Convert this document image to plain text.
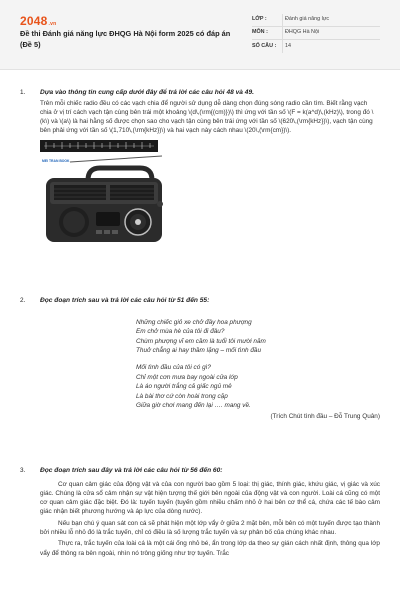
2048.vn
Đề thi Đánh giá năng lực ĐHQG Hà Nội form 2025 có đáp án (Đề 5)
LỚP :	Đánh giá năng lực
MÔN :	ĐHQG Hà Nội
SỐ CÂU :	14
1. Dựa vào thông tin cung cấp dưới đây để trả lời các câu hỏi 48 và 49.
Trên mỗi chiếc radio đều có các vạch chia để người sử dụng dễ dàng chọn đúng sóng radio cần tìm. Biết rằng vạch chia ở vị trí cách vạch tận cùng bên trái một khoảng \(d\,(\rm{(cm)})\) thì ứng với tần số \(F = k(a^d)\,(kHz)\), trong đó \(k\) và \(a\) là hai hằng số được chọn sao cho vạch tận cùng bên trái ứng với tần số \(620\,(\rm{kHz})\), vạch tận cùng bên phải ứng với tần số \(1,710\,(\rm{kHz})\) và hai vạch này cách nhau \(20\,(\rm{cm})\).
MEI TRAN BOOK
2. Đọc đoạn trích sau và trả lời các câu hỏi từ 51 đến 55:
Những chiếc giỏ xe chở đầy hoa phượng
Em chở mùa hè của tôi đi đâu?
Chùm phượng vĩ em cầm là tuổi tôi mười năm
Thuở chẳng ai hay thầm lặng – mối tình đầu
Mối tình đầu của tôi có gì?
Chỉ một cơn mưa bay ngoài cửa lớp
Là áo người trắng cả giấc ngủ mê
Là bài thơ cứ còn hoài trong cặp
Giữa giờ chơi mang đến lại …. mang về.
(Trích Chút tình đầu – Đỗ Trung Quân)
3. Đọc đoạn trích sau đây và trả lời các câu hỏi từ 56 đến 60:

Cơ quan cảm giác của động vật và của con người bao gồm 5 loại: thị giác, thính giác, khứu giác, vị giác và xúc giác. Chúng là cửa sổ cảm nhận sự vật hiện tượng thế giới bên ngoài của động vật và con người. Loài cá cũng có một cơ quan cảm giác đặc biệt. Đó là: tuyến tuyến (tuyến gồm nhiều chấm nhỏ ở hai bên cơ thể cá, chứa các tế bào cảm giác nhận biết phương hướng và áp lực của dòng nước).

Nếu bạn chú ý quan sát con cá sẽ phát hiện một lớp vẩy ở giữa 2 mặt bên, mỗi bên có một tuyến được tạo thành bởi nhiều lỗ nhỏ đó là trắc tuyến, chỉ có điều là số lượng trắc tuyến và sự phân bố của chúng khác nhau.

Thực ra, trắc tuyến của loài cá là một cái ống nhỏ bé, ẩn trong lớp da theo sự gián cách nhất định, thông qua lớp vẩy để thông ra bên ngoài, nhìn nó trông giống như trợ tuyến. Trắc
